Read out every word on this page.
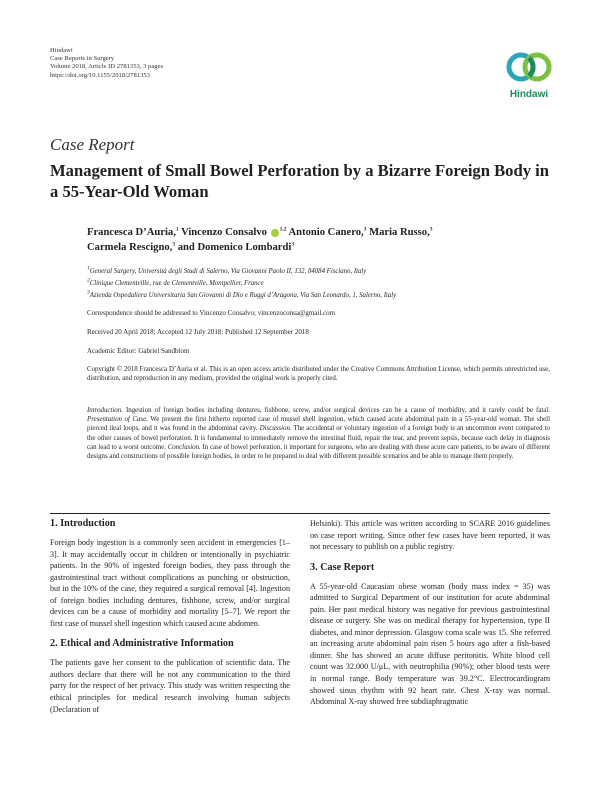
Hindawi
Case Reports in Surgery
Volume 2018, Article ID 2781353, 3 pages
https://doi.org/10.1155/2018/2781353
Hindawi
Case Report
Management of Small Bowel Perforation by a Bizarre Foreign Body in a 55-Year-Old Woman
Francesca D’Auria,$^1$ Vincenzo Consalvo $^{1,2}$ Antonio Canero,$^3$ Maria Russo,$^3$
Carmela Rescigno,$^3$ and Domenico Lombardi$^3$
$^1$General Surgery, Università degli Studi di Salerno, Via Giovanni Paolo II, 132, 84084 Fisciano, Italy
$^2$Clinique Clementville, rue de Clementville, Montpellier, France
$^3$Azienda Ospedaliera Universitaria San Giovanni di Dio e Ruggi d’Aragona, Via San Leonardo, 1, Salerno, Italy
Correspondence should be addressed to Vincenzo Consalvo; vincenzoconsa@gmail.com
Received 20 April 2018; Accepted 12 July 2018; Published 12 September 2018
Academic Editor: Gabriel Sandblom
Copyright © 2018 Francesca D’Auria et al. This is an open access article distributed under the Creative Commons Attribution License, which permits unrestricted use, distribution, and reproduction in any medium, provided the original work is properly cited.
Introduction. Ingestion of foreign bodies including dentures, fishbone, screw, and/or surgical devices can be a cause of morbidity, and it rarely could be fatal. Presentation of Case. We present the first hitherto reported case of mussel shell ingestion, which caused acute abdominal pain in a 55-year-old woman. The shell pierced ileal loops, and it was found in the abdominal cavity. Discussion. The accidental or voluntary ingestion of a foreign body is an uncommon event compared to the other causes of bowel perforation. It is fundamental to immediately remove the intestinal fluid, repair the tear, and prevent sepsis, because each delay in diagnosis can lead to a worst outcome. Conclusion. In case of bowel perforation, it important for surgeons, who are dealing with these acute care patients, to be aware of different designs and constructions of possible foreign bodies, in order to be prepared to deal with different possible scenarios and be able to manage them properly.
1. Introduction
Foreign body ingestion is a commonly seen accident in emergencies [1–3]. It may accidentally occur in children or intentionally in psychiatric patients. In the 90% of ingested foreign bodies, they pass through the gastrointestinal tract without complications as punching or obstruction, but in the 10% of the case, they required a surgical removal [4]. Ingestion of foreign bodies including dentures, fishbone, screw, and/or surgical devices can be a cause of morbidity and mortality [5–7]. We report the first case of mussel shell ingestion which caused acute abdomen.
2. Ethical and Administrative Information
The patients gave her consent to the publication of scientific data. The authors declare that there will be not any communication to the third party for the respect of her privacy. This study was written respecting the ethical principles for medical research involving human subjects (Declaration of
Helsinki). This article was written according to SCARE 2016 guidelines on case report writing. Since other few cases have been reported, it was not necessary to publish on a public registry.
3. Case Report
A 55-year-old Caucasian obese woman (body mass index = 35) was admitted to Surgical Department of our institution for acute abdominal pain. Her past medical history was negative for previous gastrointestinal disease or surgery. She was on medical therapy for hypertension, type II diabetes, and minor depression. Glasgow coma scale was 15. She referred an increasing acute abdominal pain risen 5 hours ago after a fish-based dinner. She has showed an acute diffuse peritonitis. White blood cell count was 32.000 U/μL, with neutrophilia (90%); other blood tests were in normal range. Body temperature was 39.2°C. Electrocardiogram showed sinus rhythm with 92 heart rate. Chest X-ray was normal. Abdominal X-ray showed free subdiaphragmatic
